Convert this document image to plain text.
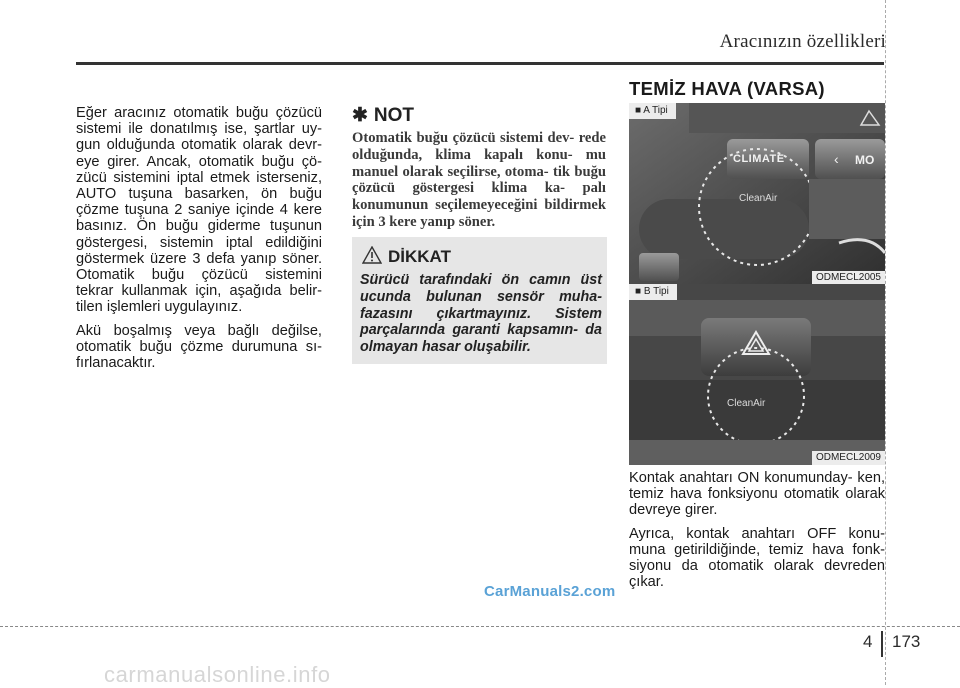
Aracınızın özellikleri

Eğer aracınız otomatik buğu çözücü sistemi ile donatılmış ise, şartlar uy- gun olduğunda otomatik olarak devr- eye girer. Ancak, otomatik buğu çö- zücü sistemini iptal etmek isterseniz, AUTO tuşuna basarken, ön buğu çözme tuşuna 2 saniye içinde 4 kere basınız. Ön buğu giderme tuşunun göstergesi, sistemin iptal edildiğini göstermek üzere 3 defa yanıp söner. Otomatik buğu çözücü sistemini tekrar kullanmak için, aşağıda belir- tilen işlemleri uygulayınız.

Akü boşalmış veya bağlı değilse, otomatik buğu çözme durumuna sı- fırlanacaktır.

✱ NOT
Otomatik buğu çözücü sistemi dev- rede olduğunda, klima kapalı konu- mu manuel olarak seçilirse, otoma- tik buğu çözücü göstergesi klima ka- palı konumunun seçilemeyeceğini bildirmek için 3 kere yanıp söner.
DİKKAT
Sürücü tarafındaki ön camın üst ucunda bulunan sensör muha- fazasını çıkartmayınız. Sistem parçalarında garanti kapsamın- da olmayan hasar oluşabilir.
TEMİZ HAVA (VARSA)
CLIMATE	MO
‹
CleanAir
■ A Tipi
ODMECL2005
CleanAir
■ B Tipi
ODMECL2009

Kontak anahtarı ON konumunday- ken, temiz hava fonksiyonu otomatik olarak devreye girer.

Ayrıca, kontak anahtarı OFF konu- muna getirildiğinde, temiz hava fonk- siyonu da otomatik olarak devreden çıkar.

CarManuals2.com
4 173
carmanualsonline.info
